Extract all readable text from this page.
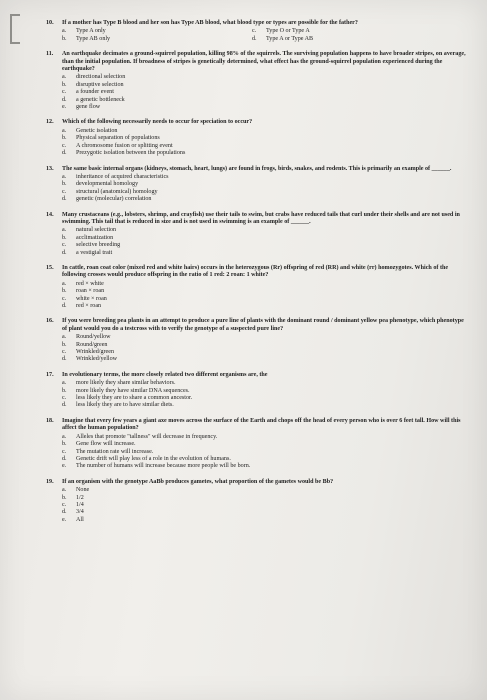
10.	If a mother has Type B blood and her son has Type AB blood, what blood type or types are possible for the father?
a.	Type A only	c.	Type O or Type A
b.	Type AB only	d.	Type A or Type AB
11.	An earthquake decimates a ground-squirrel population, killing 98% of the squirrels. The surviving population happens to have broader stripes, on average, than the initial population. If broadness of stripes is genetically determined, what effect has the ground-squirrel population experienced during the earthquake?
a.	directional selection
b.	disruptive selection
c.	a founder event
d.	a genetic bottleneck
e.	gene flow
12.	Which of the following necessarily needs to occur for speciation to occur?
a.	Genetic isolation
b.	Physical separation of populations
c.	A chromosome fusion or splitting event
d.	Prezygotic isolation between the populations
13.	The same basic internal organs (kidneys, stomach, heart, lungs) are found in frogs, birds, snakes, and rodents. This is primarily an example of ______.
a.	inheritance of acquired characteristics
b.	developmental homology
c.	structural (anatomical) homology
d.	genetic (molecular) correlation
14.	Many crustaceans (e.g., lobsters, shrimp, and crayfish) use their tails to swim, but crabs have reduced tails that curl under their shells and are not used in swimming. This tail that is reduced in size and is not used in swimming is an example of ______.
a.	natural selection
b.	acclimatization
c.	selective breeding
d.	a vestigial trait
15.	In cattle, roan coat color (mixed red and white hairs) occurs in the heterozygous (Rr) offspring of red (RR) and white (rr) homozygotes. Which of the following crosses would produce offspring in the ratio of 1 red: 2 roan: 1 white?
a.	red × white
b.	roan × roan
c.	white × roan
d.	red × roan
16.	If you were breeding pea plants in an attempt to produce a pure line of plants with the dominant round / dominant yellow pea phenotype, which phenotype of plant would you do a testcross with to verify the genotype of a suspected pure line?
a.	Round/yellow
b.	Round/green
c.	Wrinkled/green
d.	Wrinkled/yellow
17.	In evolutionary terms, the more closely related two different organisms are, the
a.	more likely they share similar behaviors.
b.	more likely they have similar DNA sequences.
c.	less likely they are to share a common ancestor.
d.	less likely they are to have similar diets.
18.	Imagine that every few years a giant axe moves across the surface of the Earth and chops off the head of every person who is over 6 feet tall. How will this affect the human population?
a.	Alleles that promote "tallness" will decrease in frequency.
b.	Gene flow will increase.
c.	The mutation rate will increase.
d.	Genetic drift will play less of a role in the evolution of humans.
e.	The number of humans will increase because more people will be born.
19.	If an organism with the genotype AaBb produces gametes, what proportion of the gametes would be Bb?
a.	None
b.	1/2
c.	1/4
d.	3/4
e.	All
